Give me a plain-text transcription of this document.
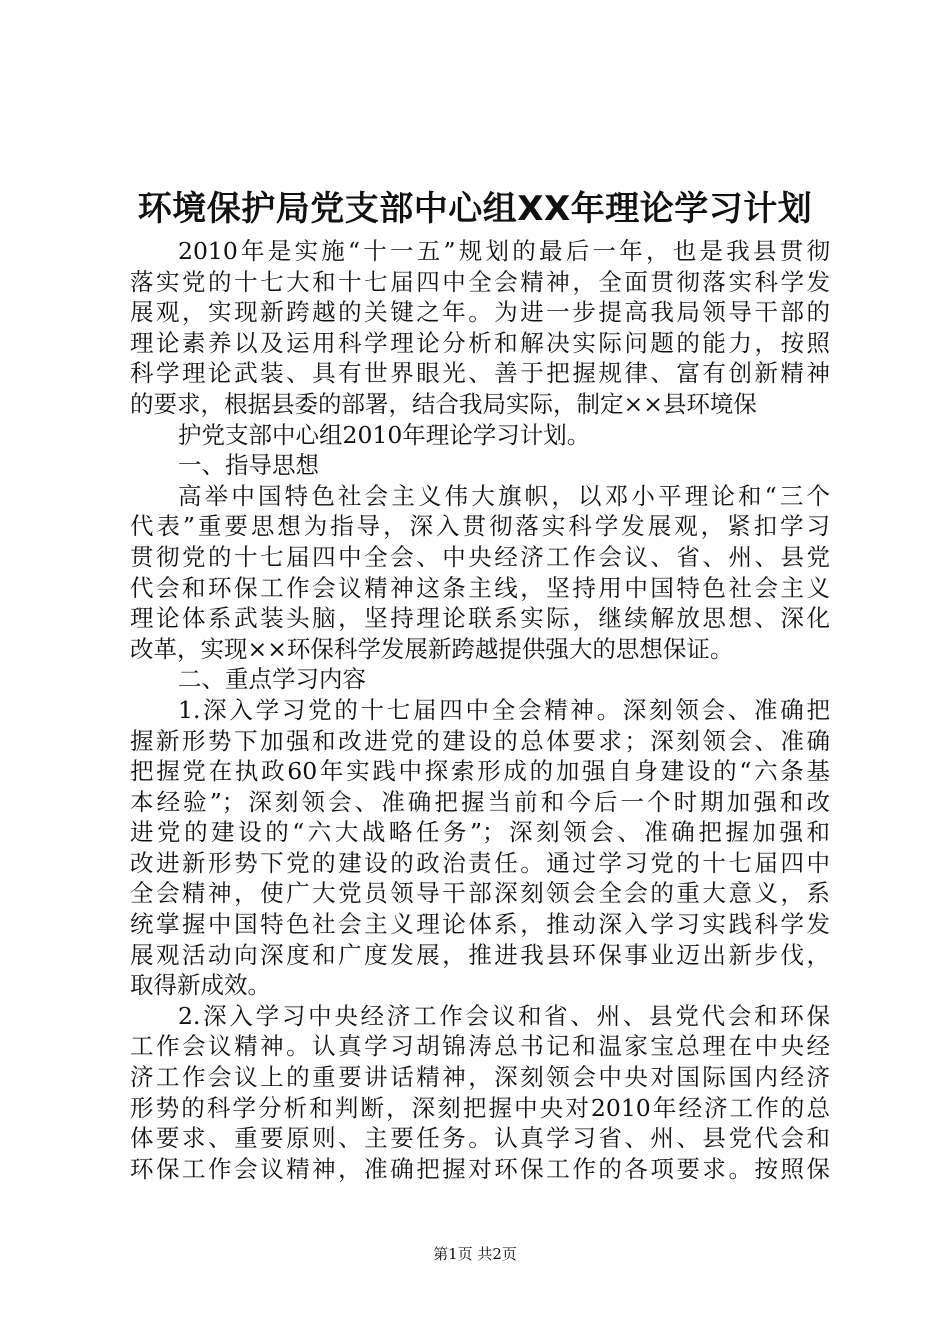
环境保护局党支部中心组XX年理论学习计划

2010年是实施“十一五”规划的最后一年，也是我县贯彻

落实党的十七大和十七届四中全会精神，全面贯彻落实科学发

展观，实现新跨越的关键之年。为进一步提高我局领导干部的

理论素养以及运用科学理论分析和解决实际问题的能力，按照

科学理论武装、具有世界眼光、善于把握规律、富有创新精神

的要求，根据县委的部署，结合我局实际，制定××县环境保

护党支部中心组2010年理论学习计划。

一、指导思想

高举中国特色社会主义伟大旗帜，以邓小平理论和“三个

代表”重要思想为指导，深入贯彻落实科学发展观，紧扣学习

贯彻党的十七届四中全会、中央经济工作会议、省、州、县党

代会和环保工作会议精神这条主线，坚持用中国特色社会主义

理论体系武装头脑，坚持理论联系实际，继续解放思想、深化

改革，实现××环保科学发展新跨越提供强大的思想保证。

二、重点学习内容

1.深入学习党的十七届四中全会精神。深刻领会、准确把

握新形势下加强和改进党的建设的总体要求；深刻领会、准确

把握党在执政60年实践中探索形成的加强自身建设的“六条基

本经验”；深刻领会、准确把握当前和今后一个时期加强和改

进党的建设的“六大战略任务”；深刻领会、准确把握加强和

改进新形势下党的建设的政治责任。通过学习党的十七届四中

全会精神，使广大党员领导干部深刻领会全会的重大意义，系

统掌握中国特色社会主义理论体系，推动深入学习实践科学发

展观活动向深度和广度发展，推进我县环保事业迈出新步伐，

取得新成效。

2.深入学习中央经济工作会议和省、州、县党代会和环保

工作会议精神。认真学习胡锦涛总书记和温家宝总理在中央经

济工作会议上的重要讲话精神，深刻领会中央对国际国内经济

形势的科学分析和判断，深刻把握中央对2010年经济工作的总

体要求、重要原则、主要任务。认真学习省、州、县党代会和

环保工作会议精神，准确把握对环保工作的各项要求。按照保

第1页 共2页
